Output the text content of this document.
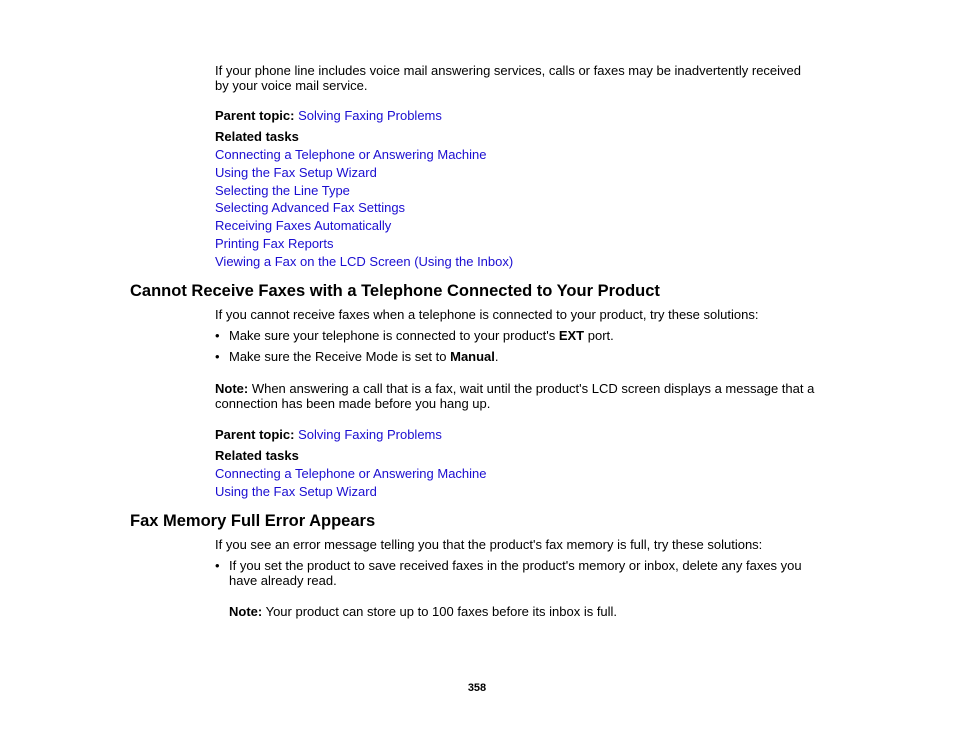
If your phone line includes voice mail answering services, calls or faxes may be inadvertently received by your voice mail service.
Parent topic: Solving Faxing Problems
Related tasks
Connecting a Telephone or Answering Machine
Using the Fax Setup Wizard
Selecting the Line Type
Selecting Advanced Fax Settings
Receiving Faxes Automatically
Printing Fax Reports
Viewing a Fax on the LCD Screen (Using the Inbox)
Cannot Receive Faxes with a Telephone Connected to Your Product
If you cannot receive faxes when a telephone is connected to your product, try these solutions:
• Make sure your telephone is connected to your product's EXT port.
• Make sure the Receive Mode is set to Manual.
Note: When answering a call that is a fax, wait until the product's LCD screen displays a message that a connection has been made before you hang up.
Parent topic: Solving Faxing Problems
Related tasks
Connecting a Telephone or Answering Machine
Using the Fax Setup Wizard
Fax Memory Full Error Appears
If you see an error message telling you that the product's fax memory is full, try these solutions:
• If you set the product to save received faxes in the product's memory or inbox, delete any faxes you have already read.
Note: Your product can store up to 100 faxes before its inbox is full.
358
